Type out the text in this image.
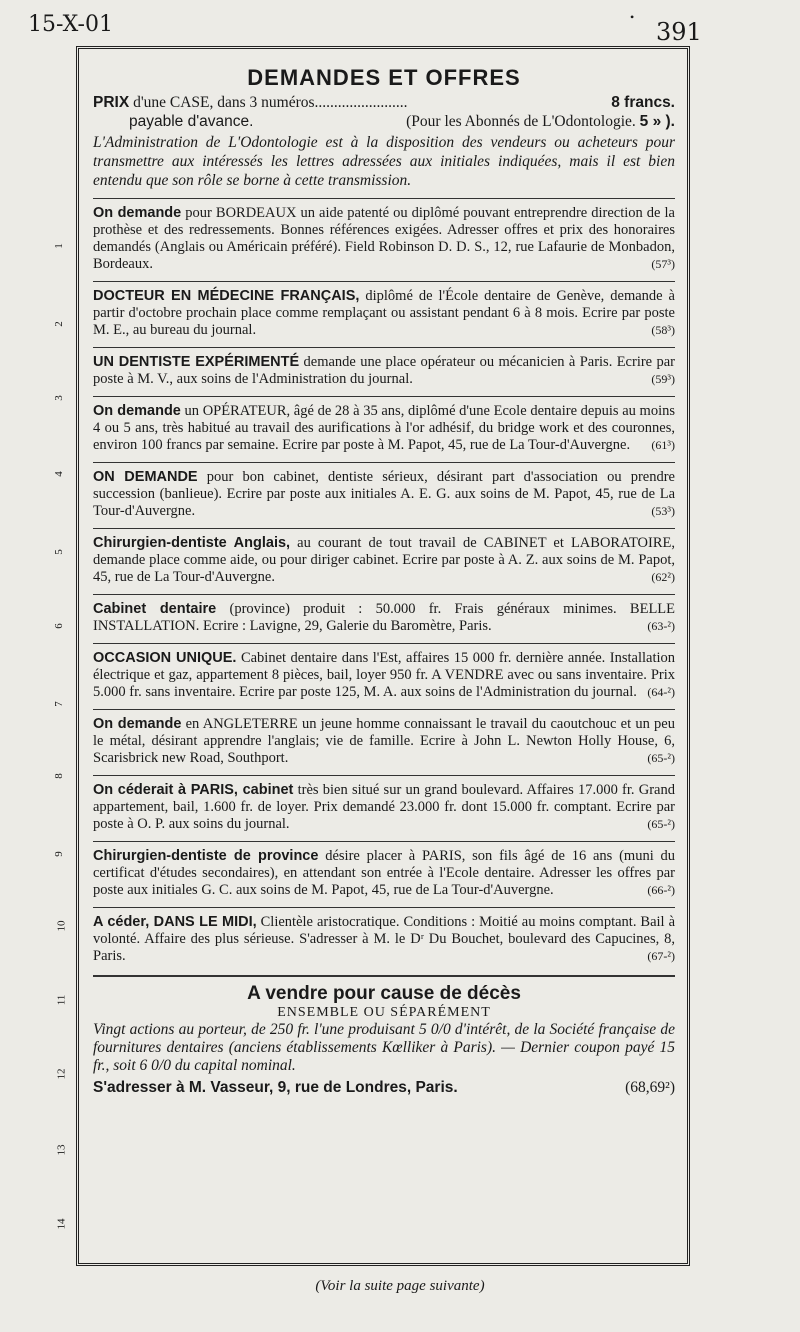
15-X-01	•
391
1
2
3
4
5
6
7
8
9
10
11
12
13
14
DEMANDES ET OFFRES
PRIX d'une CASE, dans 3 numéros........................	8 francs.
payable d'avance.	(Pour les Abonnés de L'Odontologie. 5 » ).
L'Administration de L'Odontologie est à la disposition des vendeurs ou acheteurs pour transmettre aux intéressés les lettres adressées aux initiales indiquées, mais il est bien entendu que son rôle se borne à cette transmission.
On demande pour BORDEAUX un aide patenté ou diplômé pouvant entreprendre direction de la prothèse et des redressements. Bonnes références exigées. Adresser offres et prix des honoraires demandés (Anglais ou Américain préféré). Field Robinson D. D. S., 12, rue Lafaurie de Monbadon, Bordeaux.	(57³)
DOCTEUR EN MÉDECINE FRANÇAIS, diplômé de l'École dentaire de Genève, demande à partir d'octobre prochain place comme remplaçant ou assistant pendant 6 à 8 mois. Ecrire par poste M. E., au bureau du journal.	(58³)
UN DENTISTE EXPÉRIMENTÉ demande une place opérateur ou mécanicien à Paris. Ecrire par poste à M. V., aux soins de l'Administration du journal.	(59³)
On demande un OPÉRATEUR, âgé de 28 à 35 ans, diplômé d'une Ecole dentaire depuis au moins 4 ou 5 ans, très habitué au travail des aurifications à l'or adhésif, du bridge work et des couronnes, environ 100 francs par semaine. Ecrire par poste à M. Papot, 45, rue de La Tour-d'Auvergne. (61³)
ON DEMANDE pour bon cabinet, dentiste sérieux, désirant part d'association ou prendre succession (banlieue). Ecrire par poste aux initiales A. E. G. aux soins de M. Papot, 45, rue de La Tour-d'Auvergne.	(53³)
Chirurgien-dentiste Anglais, au courant de tout travail de CABINET et LABORATOIRE, demande place comme aide, ou pour diriger cabinet. Ecrire par poste à A. Z. aux soins de M. Papot, 45, rue de La Tour-d'Auvergne.	(62²)
Cabinet dentaire (province) produit : 50.000 fr. Frais généraux minimes. BELLE INSTALLATION. Ecrire : Lavigne, 29, Galerie du Baromètre, Paris.	(63-²)
OCCASION UNIQUE. Cabinet dentaire dans l'Est, affaires 15 000 fr. dernière année. Installation électrique et gaz, appartement 8 pièces, bail, loyer 950 fr. A VENDRE avec ou sans inventaire. Prix 5.000 fr. sans inventaire. Ecrire par poste 125, M. A. aux soins de l'Administration du journal. (64-²)
On demande en ANGLETERRE un jeune homme connaissant le travail du caoutchouc et un peu le métal, désirant apprendre l'anglais; vie de famille. Ecrire à John L. Newton Holly House, 6, Scarisbrick new Road, Southport.	(65-²)
On céderait à PARIS, cabinet très bien situé sur un grand boulevard. Affaires 17.000 fr. Grand appartement, bail, 1.600 fr. de loyer. Prix demandé 23.000 fr. dont 15.000 fr. comptant. Ecrire par poste à O. P. aux soins du journal.	(65-²)
Chirurgien-dentiste de province désire placer à PARIS, son fils âgé de 16 ans (muni du certificat d'études secondaires), en attendant son entrée à l'Ecole dentaire. Adresser les offres par poste aux initiales G. C. aux soins de M. Papot, 45, rue de La Tour-d'Auvergne.	(66-²)
A céder, DANS LE MIDI, Clientèle aristocratique. Conditions : Moitié au moins comptant. Bail à volonté. Affaire des plus sérieuse. S'adresser à M. le Dʳ Du Bouchet, boulevard des Capucines, 8, Paris.	(67-²)
A vendre pour cause de décès
ENSEMBLE OU SÉPARÉMENT
Vingt actions au porteur, de 250 fr. l'une produisant 5 0/0 d'intérêt, de la Société française de fournitures dentaires (anciens établissements Kœlliker à Paris). — Dernier coupon payé 15 fr., soit 6 0/0 du capital nominal.
S'adresser à M. Vasseur, 9, rue de Londres, Paris.	(68,69²)
(Voir la suite page suivante)
